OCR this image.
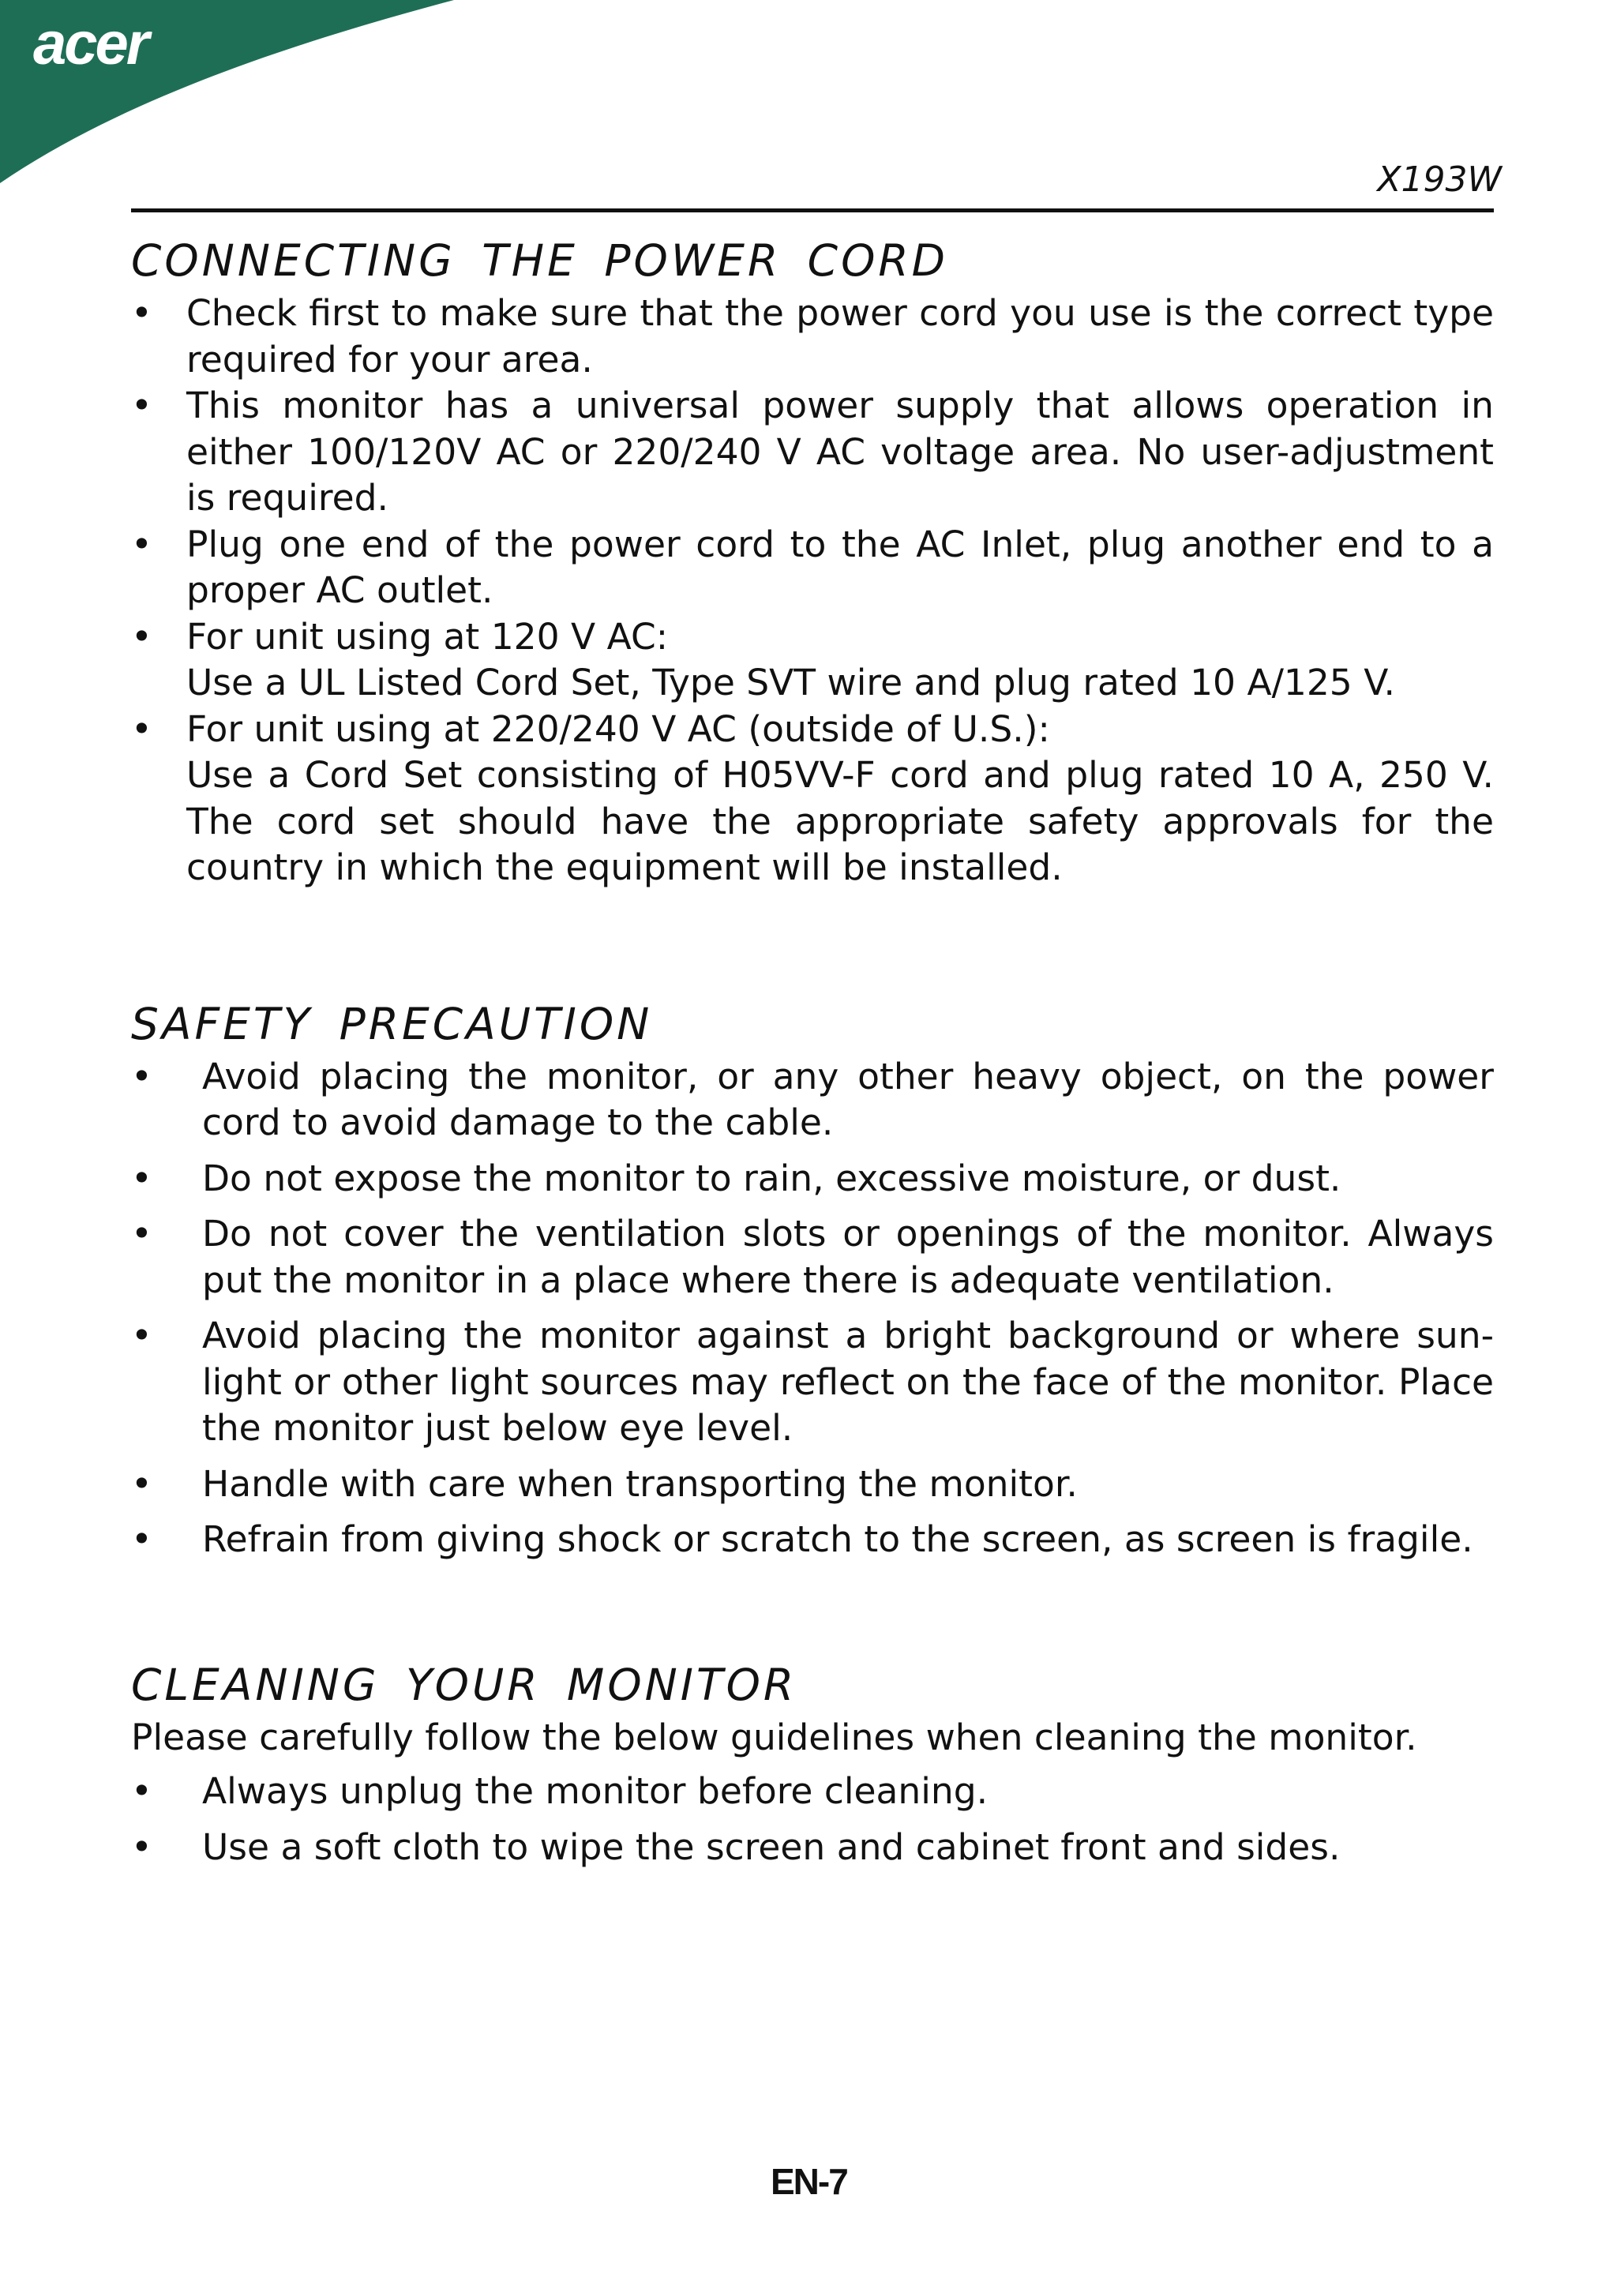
acer
X193W
CONNECTING THE POWER CORD
• Check first to make sure that the power cord you use is the correct type required for your area.
• This monitor has a universal power supply that allows operation in either 100/120V AC or 220/240 V AC voltage area. No user-adjustment is required.
• Plug one end of the power cord to the AC Inlet, plug another end to a proper AC outlet.
• For unit using at 120 V AC:
Use a UL Listed Cord Set, Type SVT wire and plug rated 10 A/125 V.
• For unit using at 220/240 V AC (outside of U.S.):
Use a Cord Set consisting of H05VV-F cord and plug rated 10 A, 250 V. The cord set should have the appropriate safety approvals for the country in which the equipment will be installed.
SAFETY PRECAUTION
• Avoid placing the monitor, or any other heavy object, on the power cord to avoid damage to the cable.
• Do not expose the monitor to rain, excessive moisture, or dust.
• Do not cover the ventilation slots or openings of the monitor. Always put the monitor in a place where there is adequate ventilation.
• Avoid placing the monitor against a bright background or where sun-light or other light sources may reflect on the face of the monitor. Place the monitor just below eye level.
• Handle with care when transporting the monitor.
• Refrain from giving shock or scratch to the screen, as screen is fragile.
CLEANING YOUR MONITOR

Please carefully follow the below guidelines when cleaning the monitor.

• Always unplug the monitor before cleaning.
• Use a soft cloth to wipe the screen and cabinet front and sides.
EN-7
